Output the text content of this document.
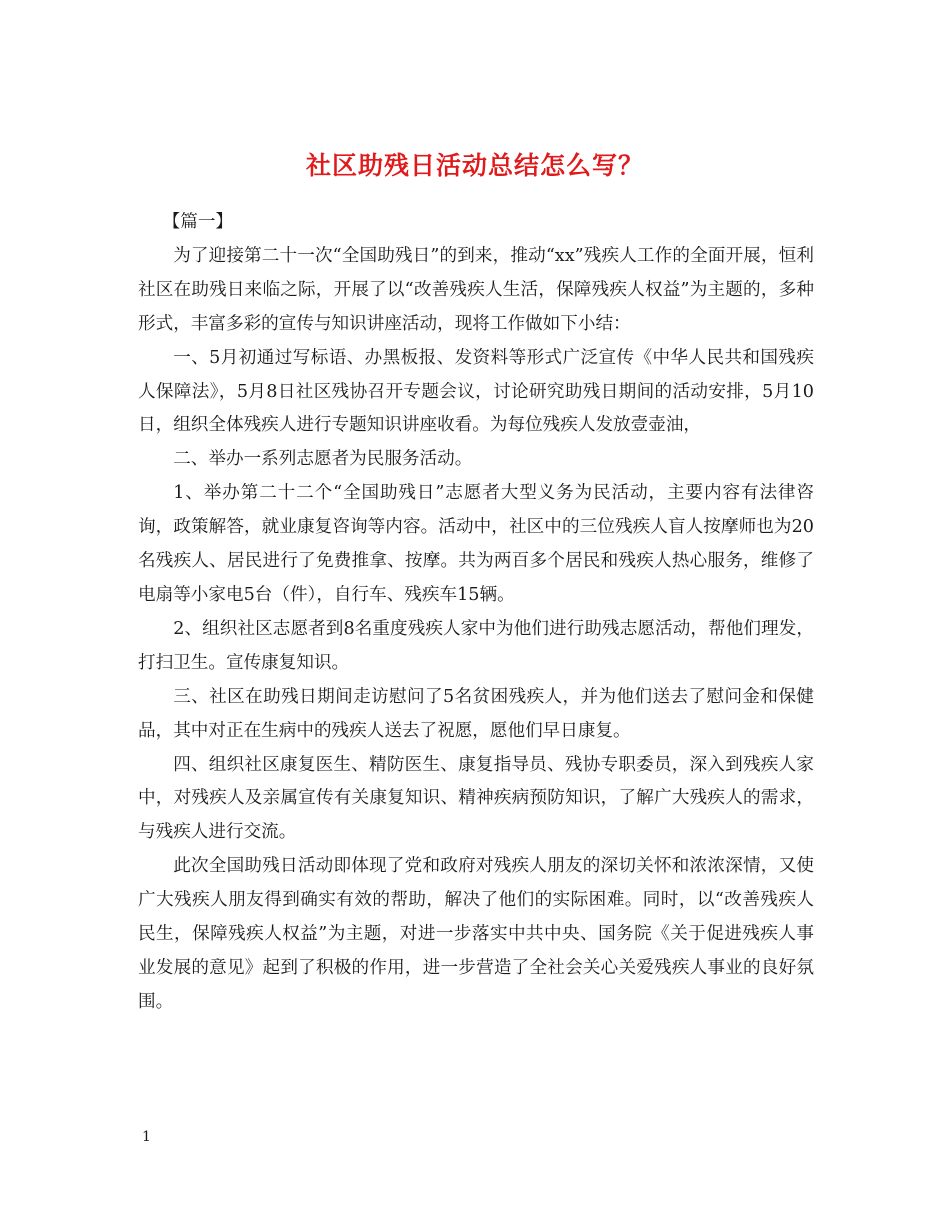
社区助残日活动总结怎么写？

【篇一】

为了迎接第二十一次“全国助残日”的到来，推动“xx”残疾人工作的全面开展，恒利社区在助残日来临之际，开展了以“改善残疾人生活，保障残疾人权益”为主题的，多种形式，丰富多彩的宣传与知识讲座活动，现将工作做如下小结：

一、5月初通过写标语、办黑板报、发资料等形式广泛宣传《中华人民共和国残疾人保障法》，5月8日社区残协召开专题会议，讨论研究助残日期间的活动安排，5月10日，组织全体残疾人进行专题知识讲座收看。为每位残疾人发放壹壶油，

二、举办一系列志愿者为民服务活动。

1、举办第二十二个“全国助残日”志愿者大型义务为民活动，主要内容有法律咨询，政策解答，就业康复咨询等内容。活动中，社区中的三位残疾人盲人按摩师也为20名残疾人、居民进行了免费推拿、按摩。共为两百多个居民和残疾人热心服务，维修了电扇等小家电5台（件），自行车、残疾车15辆。

2、组织社区志愿者到8名重度残疾人家中为他们进行助残志愿活动，帮他们理发，打扫卫生。宣传康复知识。

三、社区在助残日期间走访慰问了5名贫困残疾人，并为他们送去了慰问金和保健品，其中对正在生病中的残疾人送去了祝愿，愿他们早日康复。

四、组织社区康复医生、精防医生、康复指导员、残协专职委员，深入到残疾人家中，对残疾人及亲属宣传有关康复知识、精神疾病预防知识，了解广大残疾人的需求，与残疾人进行交流。

此次全国助残日活动即体现了党和政府对残疾人朋友的深切关怀和浓浓深情，又使广大残疾人朋友得到确实有效的帮助，解决了他们的实际困难。同时，以“改善残疾人民生，保障残疾人权益”为主题，对进一步落实中共中央、国务院《关于促进残疾人事业发展的意见》起到了积极的作用，进一步营造了全社会关心关爱残疾人事业的良好氛围。

1
